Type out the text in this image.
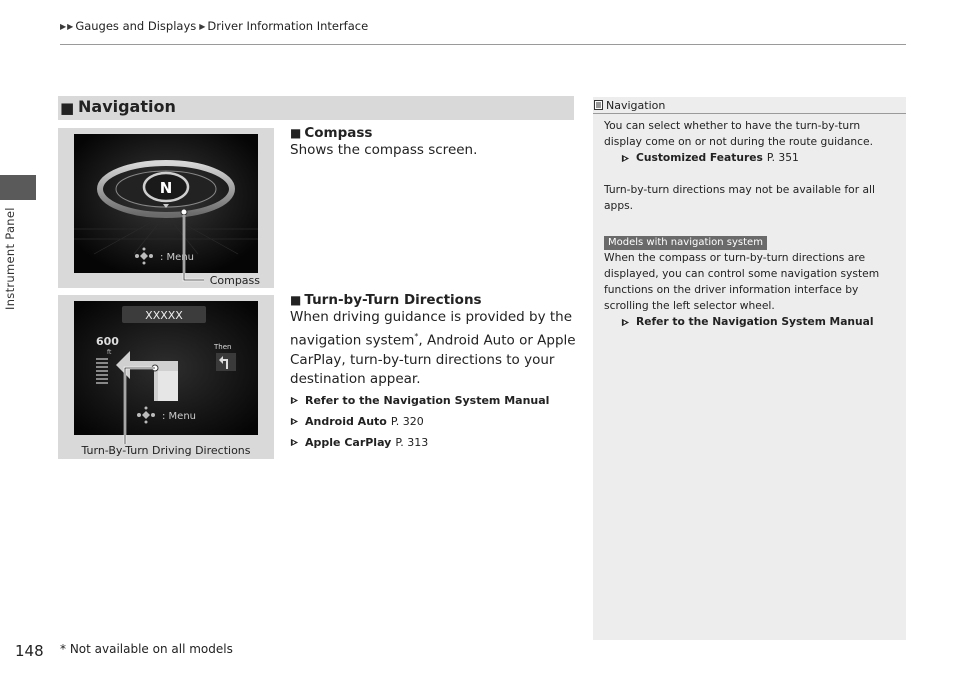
▶ ▶ Gauges and Displays ▶ Driver Information Interface
Instrument Panel
■ Navigation
N
: Menu
Compass
XXXXX
600
ft
Then
: Menu
Turn-By-Turn Driving Directions
■ Compass
Shows the compass screen.
■ Turn-by-Turn Directions
When driving guidance is provided by the
navigation system*, Android Auto or Apple
CarPlay, turn-by-turn directions to your
destination appear.
Refer to the Navigation System Manual
Android Auto P. 320
Apple CarPlay P. 313
Navigation

You can select whether to have the turn-by-turn

display come on or not during the route guidance.

Customized Features P. 351

Turn-by-turn directions may not be available for all

apps.

Models with navigation system

When the compass or turn-by-turn directions are

displayed, you can control some navigation system

functions on the driver information interface by

scrolling the left selector wheel.

Refer to the Navigation System Manual
148 * Not available on all models
